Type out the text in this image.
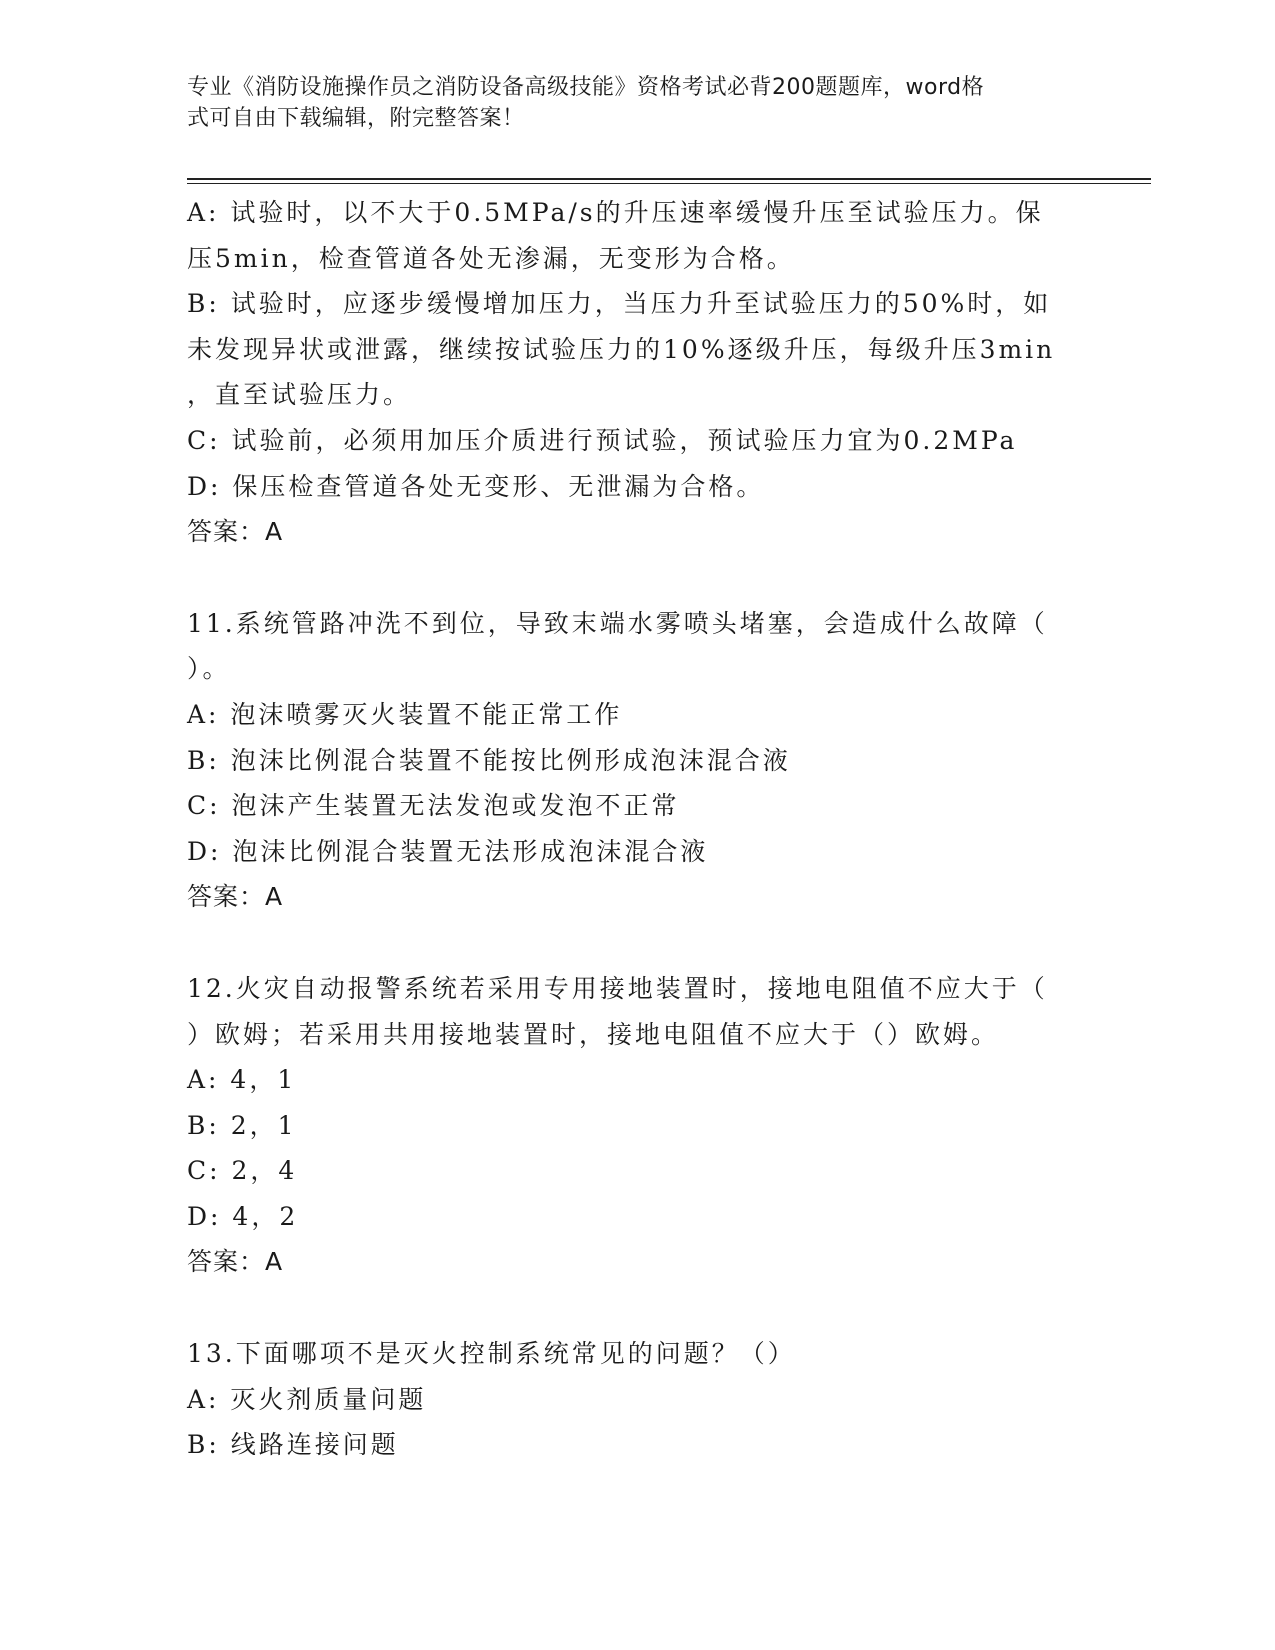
专业《消防设施操作员之消防设备高级技能》资格考试必背200题题库，word格
式可自由下载编辑，附完整答案！
A: 试验时，以不大于0.5MPa/s的升压速率缓慢升压至试验压力。保
压5min，检查管道各处无渗漏，无变形为合格。
B: 试验时，应逐步缓慢增加压力，当压力升至试验压力的50%时，如
未发现异状或泄露，继续按试验压力的10%逐级升压，每级升压3min
，直至试验压力。
C: 试验前，必须用加压介质进行预试验，预试验压力宜为0.2MPa
D: 保压检查管道各处无变形、无泄漏为合格。
答案：A
11.系统管路冲洗不到位，导致末端水雾喷头堵塞，会造成什么故障（
）。
A: 泡沫喷雾灭火装置不能正常工作
B: 泡沫比例混合装置不能按比例形成泡沫混合液
C: 泡沫产生装置无法发泡或发泡不正常
D: 泡沫比例混合装置无法形成泡沫混合液
答案：A
12.火灾自动报警系统若采用专用接地装置时，接地电阻值不应大于（
）欧姆；若采用共用接地装置时，接地电阻值不应大于（）欧姆。
A: 4，1
B: 2，1
C: 2，4
D: 4，2
答案：A
13.下面哪项不是灭火控制系统常见的问题？（）
A: 灭火剂质量问题
B: 线路连接问题
